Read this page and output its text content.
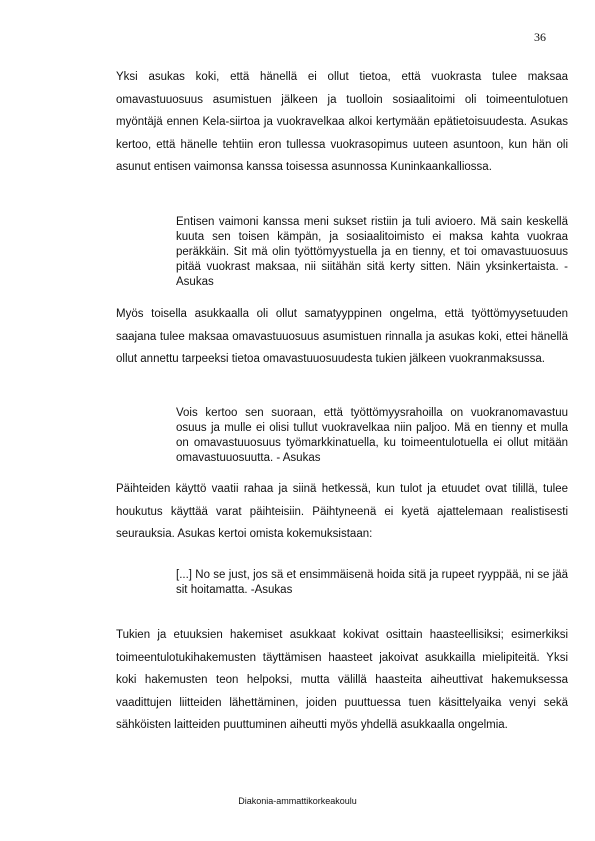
36

Yksi asukas koki, että hänellä ei ollut tietoa, että vuokrasta tulee maksaa omavastuuosuus asumistuen jälkeen ja tuolloin sosiaalitoimi oli toimeentulotuen myöntäjä ennen Kela-siirtoa ja vuokravelkaa alkoi kertymään epätietoisuudesta. Asukas kertoo, että hänelle tehtiin eron tullessa vuokrasopimus uuteen asuntoon, kun hän oli asunut entisen vaimonsa kanssa toisessa asunnossa Kuninkaankalliossa.

Entisen vaimoni kanssa meni sukset ristiin ja tuli avioero. Mä sain keskellä kuuta sen toisen kämpän, ja sosiaalitoimisto ei maksa kahta vuokraa peräkkäin. Sit mä olin työttömyystuella ja en tienny, et toi omavastuuosuus pitää vuokrast maksaa, nii siitähän sitä kerty sitten. Näin yksinkertaista. - Asukas

Myös toisella asukkaalla oli ollut samatyyppinen ongelma, että työttömyysetuuden saajana tulee maksaa omavastuuosuus asumistuen rinnalla ja asukas koki, ettei hänellä ollut annettu tarpeeksi tietoa omavastuuosuudesta tukien jälkeen vuokranmaksussa.

Vois kertoo sen suoraan, että työttömyysrahoilla on vuokranomavastuu osuus ja mulle ei olisi tullut vuokravelkaa niin paljoo. Mä en tienny et mulla on omavastuuosuus työmarkkinatuella, ku toimeentulotuella ei ollut mitään omavastuuosuutta. - Asukas

Päihteiden käyttö vaatii rahaa ja siinä hetkessä, kun tulot ja etuudet ovat tilillä, tulee houkutus käyttää varat päihteisiin. Päihtyneenä ei kyetä ajattelemaan realistisesti seurauksia. Asukas kertoi omista kokemuksistaan:

[...] No se just, jos sä et ensimmäisenä hoida sitä ja rupeet ryyppää, ni se jää sit hoitamatta. -Asukas

Tukien ja etuuksien hakemiset asukkaat kokivat osittain haasteellisiksi; esimerkiksi toimeentulotukihakemusten täyttämisen haasteet jakoivat asukkailla mielipiteitä. Yksi koki hakemusten teon helpoksi, mutta välillä haasteita aiheuttivat hakemuksessa vaadittujen liitteiden lähettäminen, joiden puuttuessa tuen käsittelyaika venyi sekä sähköisten laitteiden puuttuminen aiheutti myös yhdellä asukkaalla ongelmia.

Diakonia-ammattikorkeakoulu
